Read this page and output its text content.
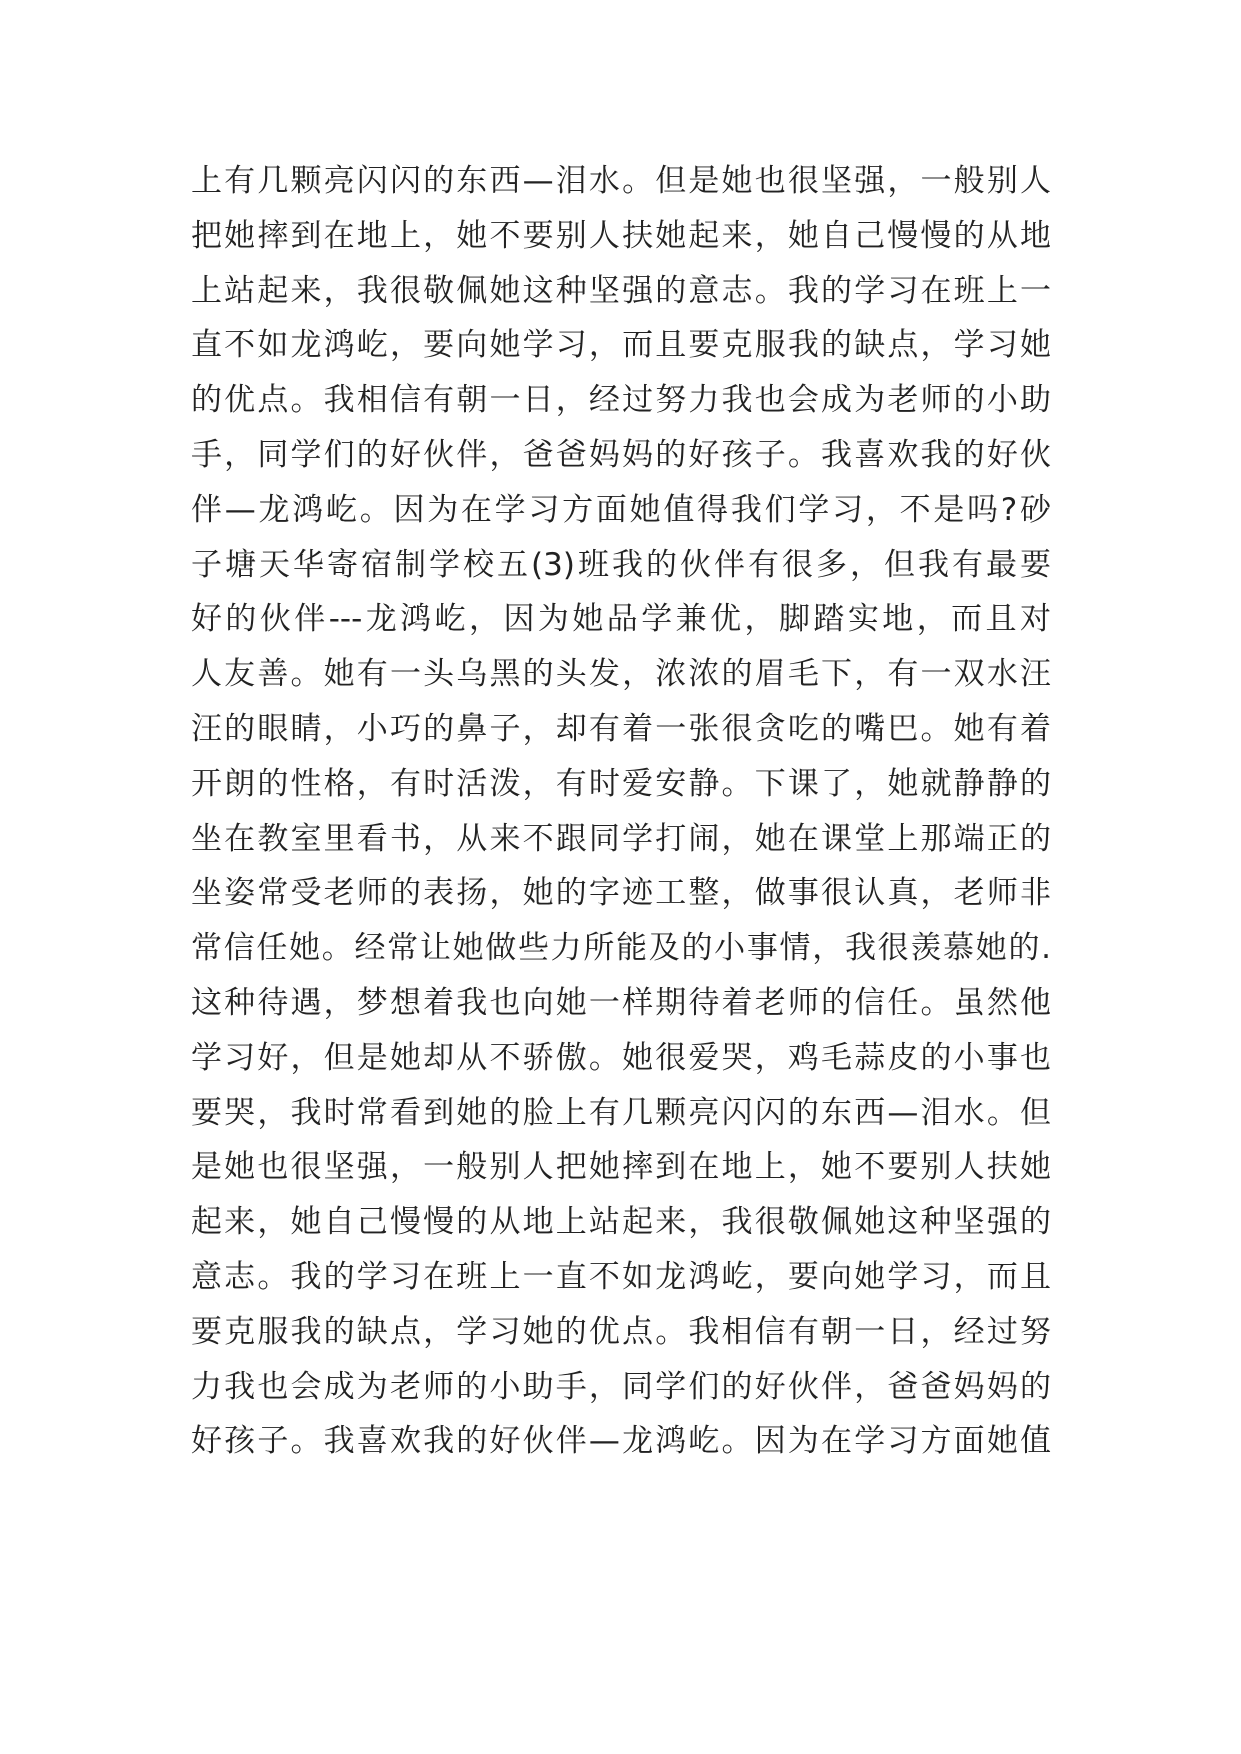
上有几颗亮闪闪的东西—泪水。但是她也很坚强，一般别人
把她摔到在地上，她不要别人扶她起来，她自己慢慢的从地
上站起来，我很敬佩她这种坚强的意志。我的学习在班上一
直不如龙鸿屹，要向她学习，而且要克服我的缺点，学习她
的优点。我相信有朝一日，经过努力我也会成为老师的小助
手，同学们的好伙伴，爸爸妈妈的好孩子。我喜欢我的好伙
伴—龙鸿屹。因为在学习方面她值得我们学习，不是吗?砂
子塘天华寄宿制学校五(3)班我的伙伴有很多，但我有最要
好的伙伴---龙鸿屹，因为她品学兼优，脚踏实地，而且对
人友善。她有一头乌黑的头发，浓浓的眉毛下，有一双水汪
汪的眼睛，小巧的鼻子，却有着一张很贪吃的嘴巴。她有着
开朗的性格，有时活泼，有时爱安静。下课了，她就静静的
坐在教室里看书，从来不跟同学打闹，她在课堂上那端正的
坐姿常受老师的表扬，她的字迹工整，做事很认真，老师非
常信任她。经常让她做些力所能及的小事情，我很羡慕她的.
这种待遇，梦想着我也向她一样期待着老师的信任。虽然他
学习好，但是她却从不骄傲。她很爱哭，鸡毛蒜皮的小事也
要哭，我时常看到她的脸上有几颗亮闪闪的东西—泪水。但
是她也很坚强，一般别人把她摔到在地上，她不要别人扶她
起来，她自己慢慢的从地上站起来，我很敬佩她这种坚强的
意志。我的学习在班上一直不如龙鸿屹，要向她学习，而且
要克服我的缺点，学习她的优点。我相信有朝一日，经过努
力我也会成为老师的小助手，同学们的好伙伴，爸爸妈妈的
好孩子。我喜欢我的好伙伴—龙鸿屹。因为在学习方面她值
